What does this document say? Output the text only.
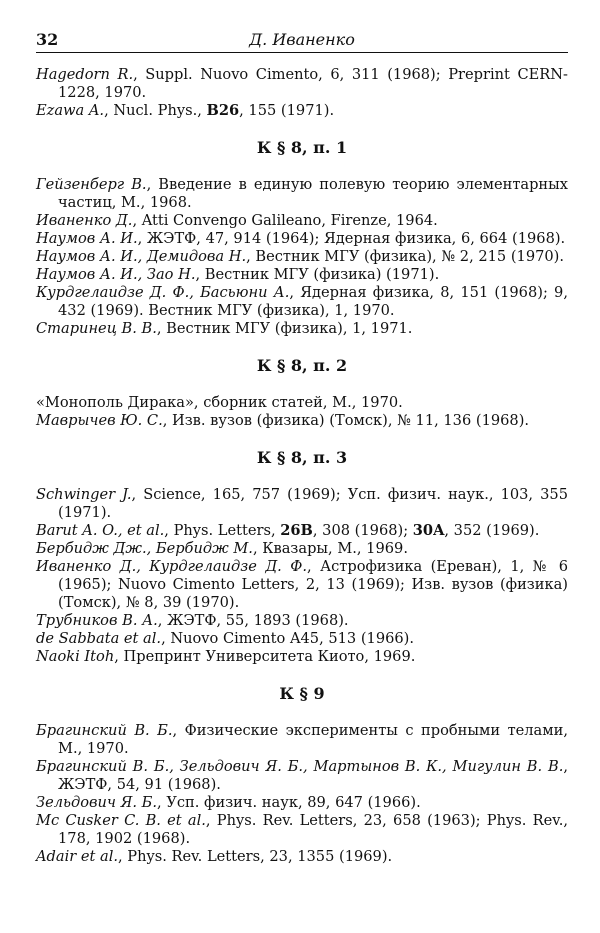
32	Д. Иваненко

Hagedorn R., Suppl. Nuovo Cimento, 6, 311 (1968); Preprint CERN-1228, 1970.

Ezawa A., Nucl. Phys., B26, 155 (1971).

К § 8, п. 1

Гейзенберг В., Введение в единую полевую теорию элементарных частиц, М., 1968.

Иваненко Д., Atti Convengo Galileano, Firenze, 1964.

Наумов А. И., ЖЭТФ, 47, 914 (1964); Ядерная физика, 6, 664 (1968).

Наумов А. И., Демидова Н., Вестник МГУ (физика), № 2, 215 (1970).

Наумов А. И., Зао Н., Вестник МГУ (физика) (1971).

Курдгелаидзе Д. Ф., Басьюни А., Ядерная физика, 8, 151 (1968); 9, 432 (1969). Вестник МГУ (физика), 1, 1970.

Старинец В. В., Вестник МГУ (физика), 1, 1971.

К § 8, п. 2

«Монополь Дирака», сборник статей, М., 1970.

Маврычев Ю. С., Изв. вузов (физика) (Томск), № 11, 136 (1968).

К § 8, п. 3

Schwinger J., Science, 165, 757 (1969); Усп. физич. наук., 103, 355 (1971).

Barut A. O., et al., Phys. Letters, 26B, 308 (1968); 30A, 352 (1969).

Бербидж Дж., Бербидж М., Квазары, М., 1969.

Иваненко Д., Курдгелаидзе Д. Ф., Астрофизика (Ереван), 1, № 6 (1965); Nuovo Cimento Letters, 2, 13 (1969); Изв. вузов (физика) (Томск), № 8, 39 (1970).

Трубников В. А., ЖЭТФ, 55, 1893 (1968).

de Sabbata et al., Nuovo Cimento A45, 513 (1966).

Naoki Itoh, Препринт Университета Киото, 1969.

К § 9

Брагинский В. Б., Физические эксперименты с пробными телами, М., 1970.

Брагинский В. Б., Зельдович Я. Б., Мартынов В. К., Мигулин В. В., ЖЭТФ, 54, 91 (1968).

Зельдович Я. Б., Усп. физич. наук, 89, 647 (1966).

Mc Cusker C. B. et al., Phys. Rev. Letters, 23, 658 (1963); Phys. Rev., 178, 1902 (1968).

Adair et al., Phys. Rev. Letters, 23, 1355 (1969).
